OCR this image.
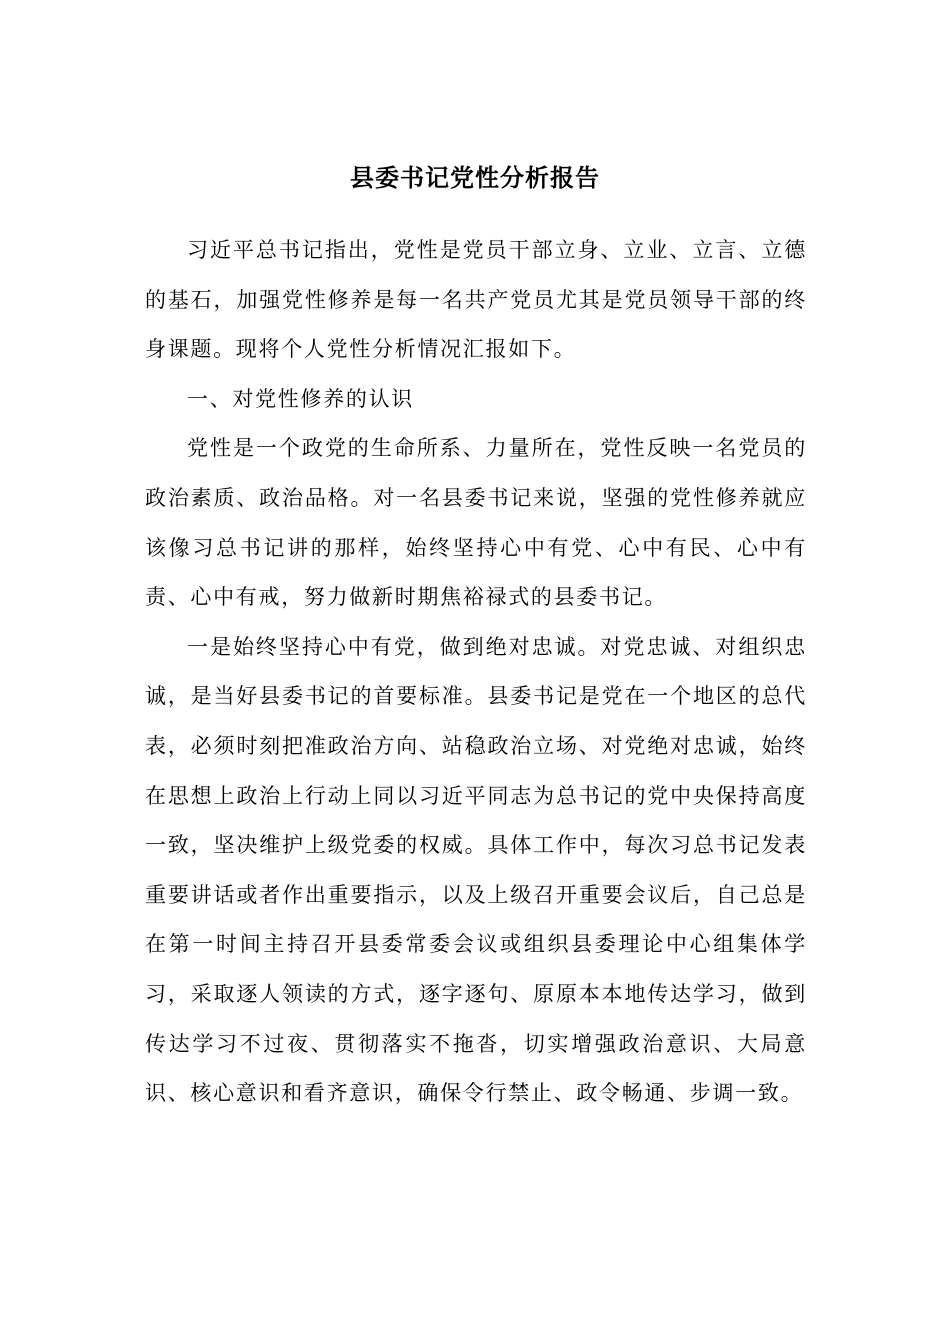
县委书记党性分析报告

习近平总书记指出，党性是党员干部立身、立业、立言、立德的基石，加强党性修养是每一名共产党员尤其是党员领导干部的终身课题。现将个人党性分析情况汇报如下。

一、对党性修养的认识

党性是一个政党的生命所系、力量所在，党性反映一名党员的政治素质、政治品格。对一名县委书记来说，坚强的党性修养就应该像习总书记讲的那样，始终坚持心中有党、心中有民、心中有责、心中有戒，努力做新时期焦裕禄式的县委书记。

一是始终坚持心中有党，做到绝对忠诚。对党忠诚、对组织忠诚，是当好县委书记的首要标准。县委书记是党在一个地区的总代表，必须时刻把准政治方向、站稳政治立场、对党绝对忠诚，始终在思想上政治上行动上同以习近平同志为总书记的党中央保持高度一致，坚决维护上级党委的权威。具体工作中，每次习总书记发表重要讲话或者作出重要指示，以及上级召开重要会议后，自己总是在第一时间主持召开县委常委会议或组织县委理论中心组集体学习，采取逐人领读的方式，逐字逐句、原原本本地传达学习，做到传达学习不过夜、贯彻落实不拖沓，切实增强政治意识、大局意识、核心意识和看齐意识，确保令行禁止、政令畅通、步调一致。
